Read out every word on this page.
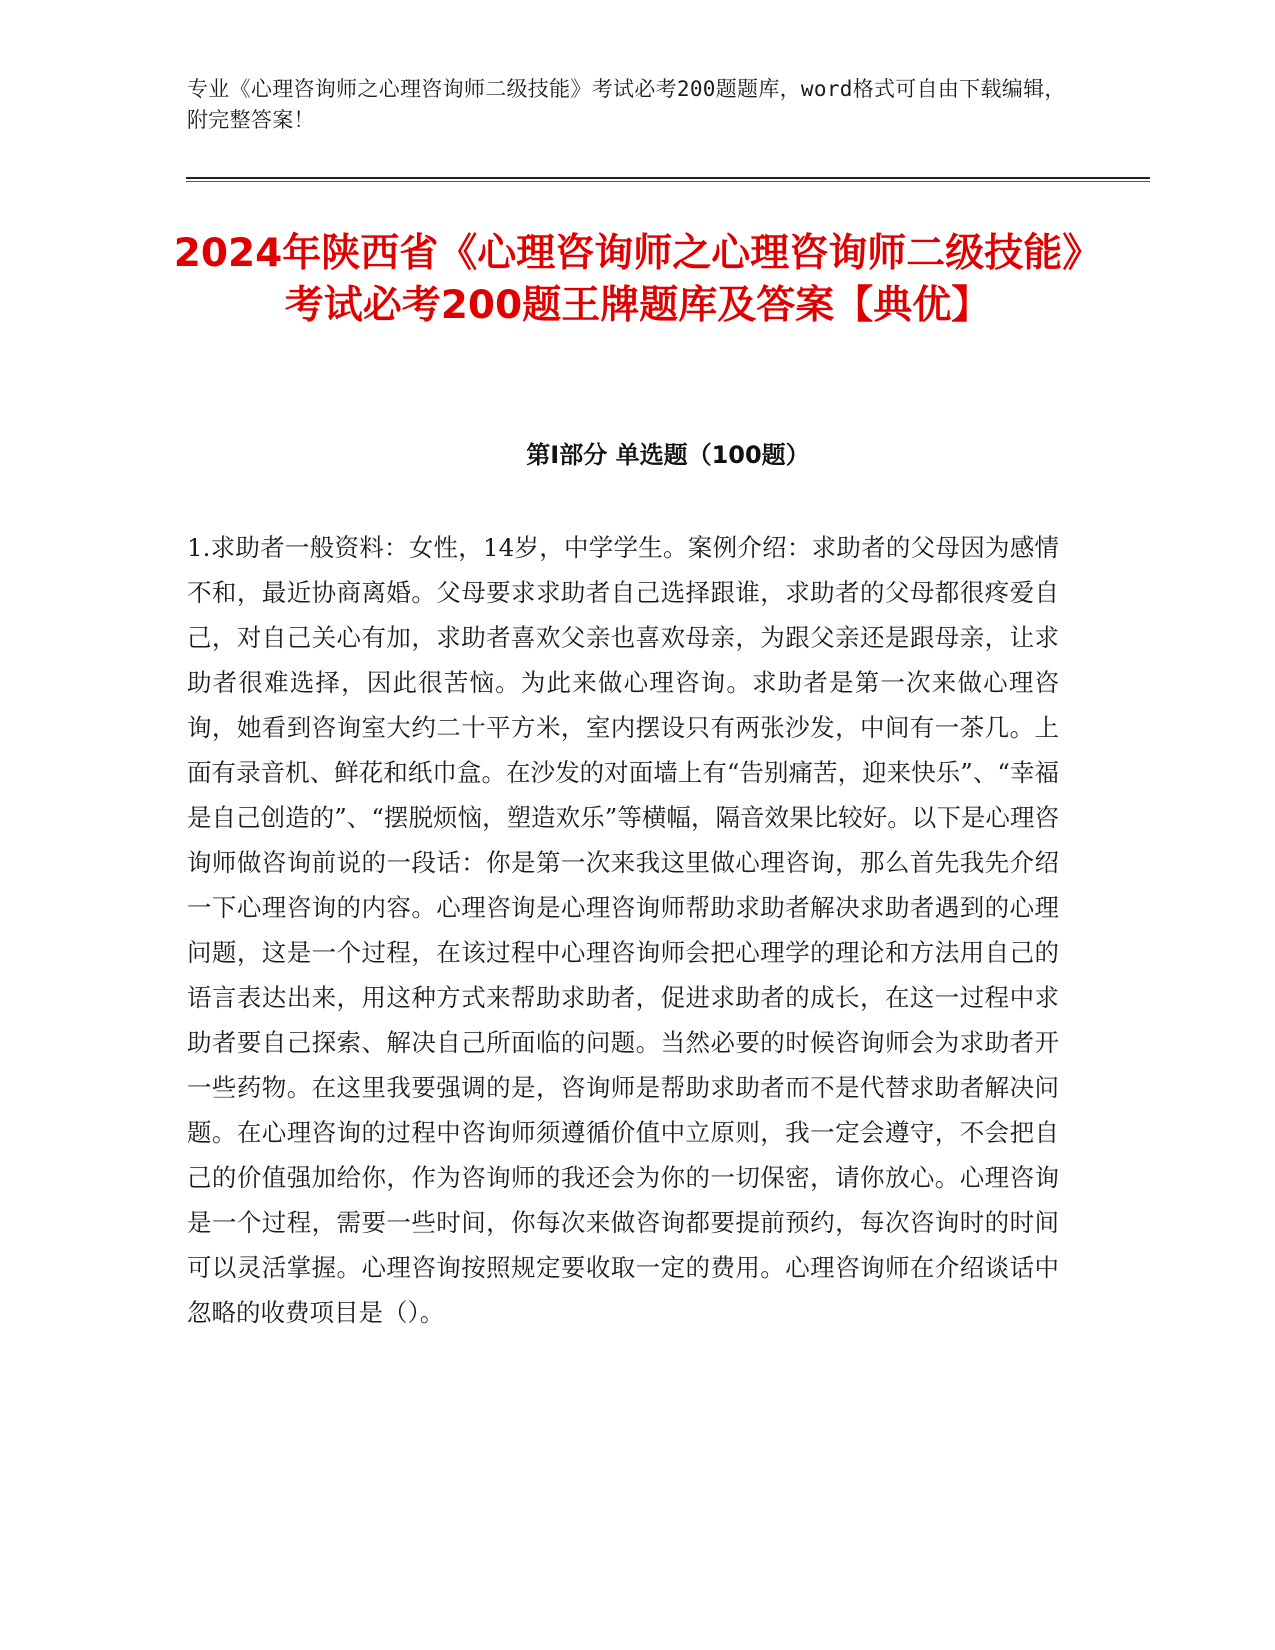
专业《心理咨询师之心理咨询师二级技能》考试必考200题题库，word格式可自由下载编辑，附完整答案！
2024年陕西省《心理咨询师之心理咨询师二级技能》考试必考200题王牌题库及答案【典优】
第I部分 单选题（100题）

1.求助者一般资料：女性，14岁，中学学生。案例介绍：求助者的父母因为感情不和，最近协商离婚。父母要求求助者自己选择跟谁，求助者的父母都很疼爱自己，对自己关心有加，求助者喜欢父亲也喜欢母亲，为跟父亲还是跟母亲，让求助者很难选择，因此很苦恼。为此来做心理咨询。求助者是第一次来做心理咨询，她看到咨询室大约二十平方米，室内摆设只有两张沙发，中间有一茶几。上面有录音机、鲜花和纸巾盒。在沙发的对面墙上有“告别痛苦，迎来快乐”、“幸福是自己创造的”、“摆脱烦恼，塑造欢乐”等横幅，隔音效果比较好。以下是心理咨询师做咨询前说的一段话：你是第一次来我这里做心理咨询，那么首先我先介绍一下心理咨询的内容。心理咨询是心理咨询师帮助求助者解决求助者遇到的心理问题，这是一个过程，在该过程中心理咨询师会把心理学的理论和方法用自己的语言表达出来，用这种方式来帮助求助者，促进求助者的成长，在这一过程中求助者要自己探索、解决自己所面临的问题。当然必要的时候咨询师会为求助者开一些药物。在这里我要强调的是，咨询师是帮助求助者而不是代替求助者解决问题。在心理咨询的过程中咨询师须遵循价值中立原则，我一定会遵守，不会把自己的价值强加给你，作为咨询师的我还会为你的一切保密，请你放心。心理咨询是一个过程，需要一些时间，你每次来做咨询都要提前预约，每次咨询时的时间可以灵活掌握。心理咨询按照规定要收取一定的费用。心理咨询师在介绍谈话中忽略的收费项目是（）。
